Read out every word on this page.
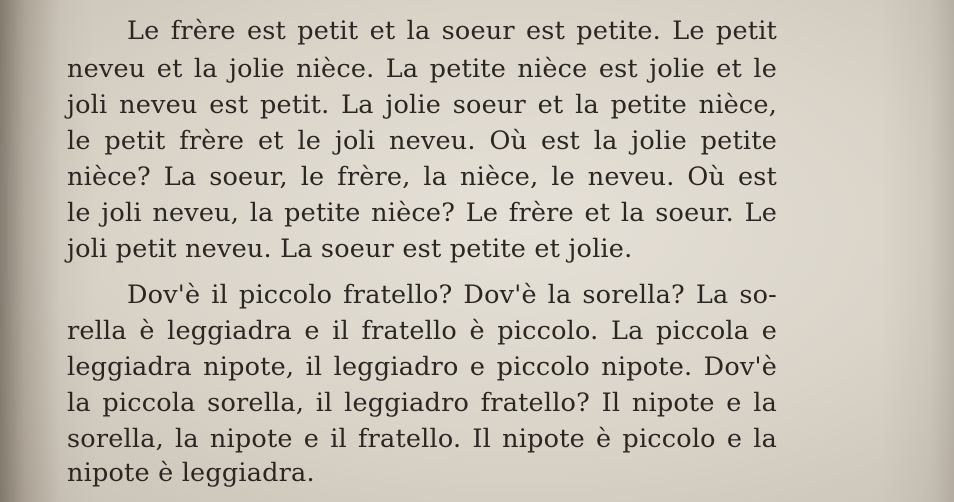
Le frère est petit et la soeur est petite. Le petit
neveu et la jolie nièce. La petite nièce est jolie et le
joli neveu est petit. La jolie soeur et la petite nièce,
le petit frère et le joli neveu. Où est la jolie petite
nièce? La soeur, le frère, la nièce, le neveu. Où est
le joli neveu, la petite nièce? Le frère et la soeur. Le
joli petit neveu. La soeur est petite et jolie.
Dov'è il piccolo fratello? Dov'è la sorella? La so-
rella è leggiadra e il fratello è piccolo. La piccola e
leggiadra nipote, il leggiadro e piccolo nipote. Dov'è
la piccola sorella, il leggiadro fratello? Il nipote e la
sorella, la nipote e il fratello. Il nipote è piccolo e la
nipote è leggiadra.
